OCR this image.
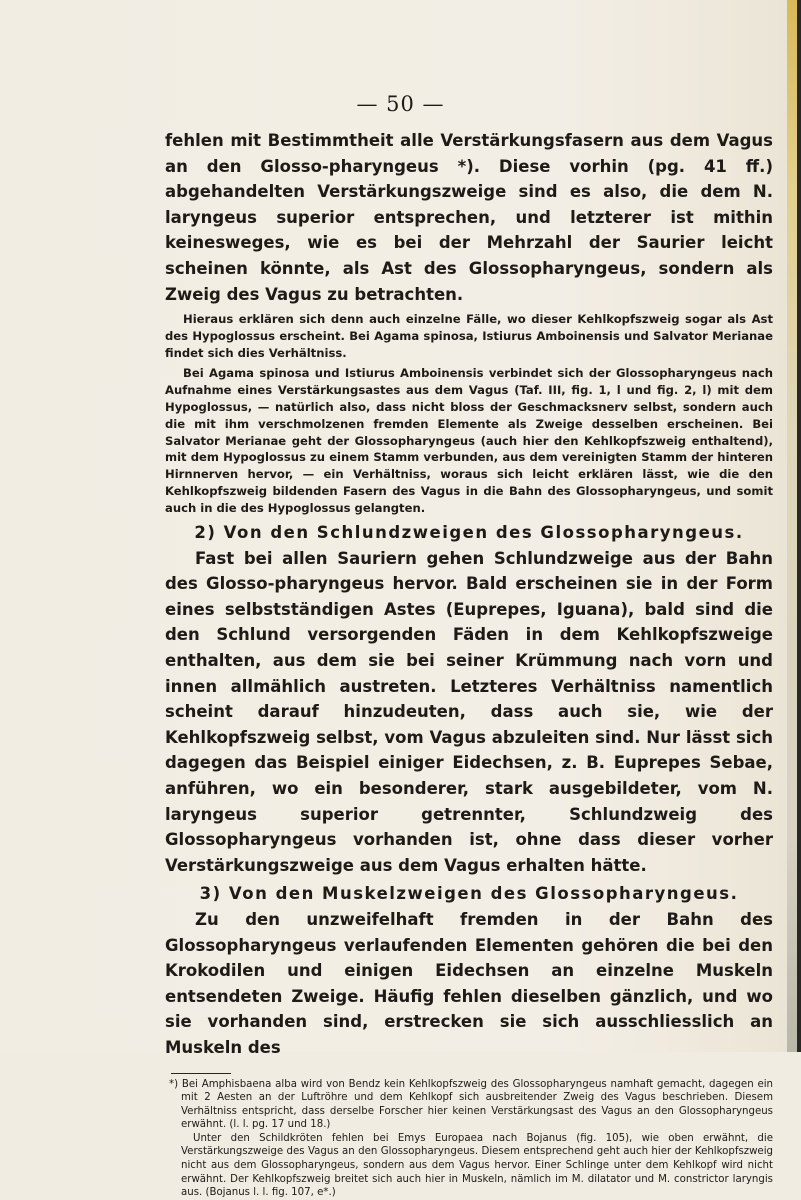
— 50 —

fehlen mit Bestimmtheit alle Verstärkungsfasern aus dem Vagus an den Glosso-pharyngeus *). Diese vorhin (pg. 41 ff.) abgehandelten Verstärkungszweige sind es also, die dem N. laryngeus superior entsprechen, und letzterer ist mithin keinesweges, wie es bei der Mehrzahl der Saurier leicht scheinen könnte, als Ast des Glossopharyngeus, sondern als Zweig des Vagus zu betrachten.

Hieraus erklären sich denn auch einzelne Fälle, wo dieser Kehlkopfszweig sogar als Ast des Hypoglossus erscheint. Bei Agama spinosa, Istiurus Amboinensis und Salvator Merianae findet sich dies Verhältniss.

Bei Agama spinosa und Istiurus Amboinensis verbindet sich der Glossopharyngeus nach Aufnahme eines Verstärkungsastes aus dem Vagus (Taf. III, fig. 1, l und fig. 2, l) mit dem Hypoglossus, — natürlich also, dass nicht bloss der Geschmacksnerv selbst, sondern auch die mit ihm verschmolzenen fremden Elemente als Zweige desselben erscheinen. Bei Salvator Merianae geht der Glossopharyngeus (auch hier den Kehlkopfszweig enthaltend), mit dem Hypoglossus zu einem Stamm verbunden, aus dem vereinigten Stamm der hinteren Hirnnerven hervor, — ein Verhältniss, woraus sich leicht erklären lässt, wie die den Kehlkopfszweig bildenden Fasern des Vagus in die Bahn des Glossopharyngeus, und somit auch in die des Hypoglossus gelangten.

2) Von den Schlundzweigen des Glossopharyngeus.

Fast bei allen Sauriern gehen Schlundzweige aus der Bahn des Glosso-pharyngeus hervor. Bald erscheinen sie in der Form eines selbstständigen Astes (Euprepes, Iguana), bald sind die den Schlund versorgenden Fäden in dem Kehlkopfszweige enthalten, aus dem sie bei seiner Krümmung nach vorn und innen allmählich austreten. Letzteres Verhältniss namentlich scheint darauf hinzudeuten, dass auch sie, wie der Kehlkopfszweig selbst, vom Vagus abzuleiten sind. Nur lässt sich dagegen das Beispiel einiger Eidechsen, z. B. Euprepes Sebae, anführen, wo ein besonderer, stark ausgebildeter, vom N. laryngeus superior getrennter, Schlundzweig des Glossopharyngeus vorhanden ist, ohne dass dieser vorher Verstärkungszweige aus dem Vagus erhalten hätte.

3) Von den Muskelzweigen des Glossopharyngeus.

Zu den unzweifelhaft fremden in der Bahn des Glossopharyngeus verlaufenden Elementen gehören die bei den Krokodilen und einigen Eidechsen an einzelne Muskeln entsendeten Zweige. Häufig fehlen dieselben gänzlich, und wo sie vorhanden sind, erstrecken sie sich ausschliesslich an Muskeln des

*) Bei Amphisbaena alba wird von Bendz kein Kehlkopfszweig des Glossopharyngeus namhaft gemacht, dagegen ein mit 2 Aesten an der Luftröhre und dem Kehlkopf sich ausbreitender Zweig des Vagus beschrieben. Diesem Verhältniss entspricht, dass derselbe Forscher hier keinen Verstärkungsast des Vagus an den Glossopharyngeus erwähnt. (l. l. pg. 17 und 18.)

Unter den Schildkröten fehlen bei Emys Europaea nach Bojanus (fig. 105), wie oben erwähnt, die Verstärkungszweige des Vagus an den Glossopharyngeus. Diesem entsprechend geht auch hier der Kehlkopfszweig nicht aus dem Glossopharyngeus, sondern aus dem Vagus hervor. Einer Schlinge unter dem Kehlkopf wird nicht erwähnt. Der Kehlkopfszweig breitet sich auch hier in Muskeln, nämlich im M. dilatator und M. constrictor laryngis aus. (Bojanus l. l. fig. 107, e*.)
